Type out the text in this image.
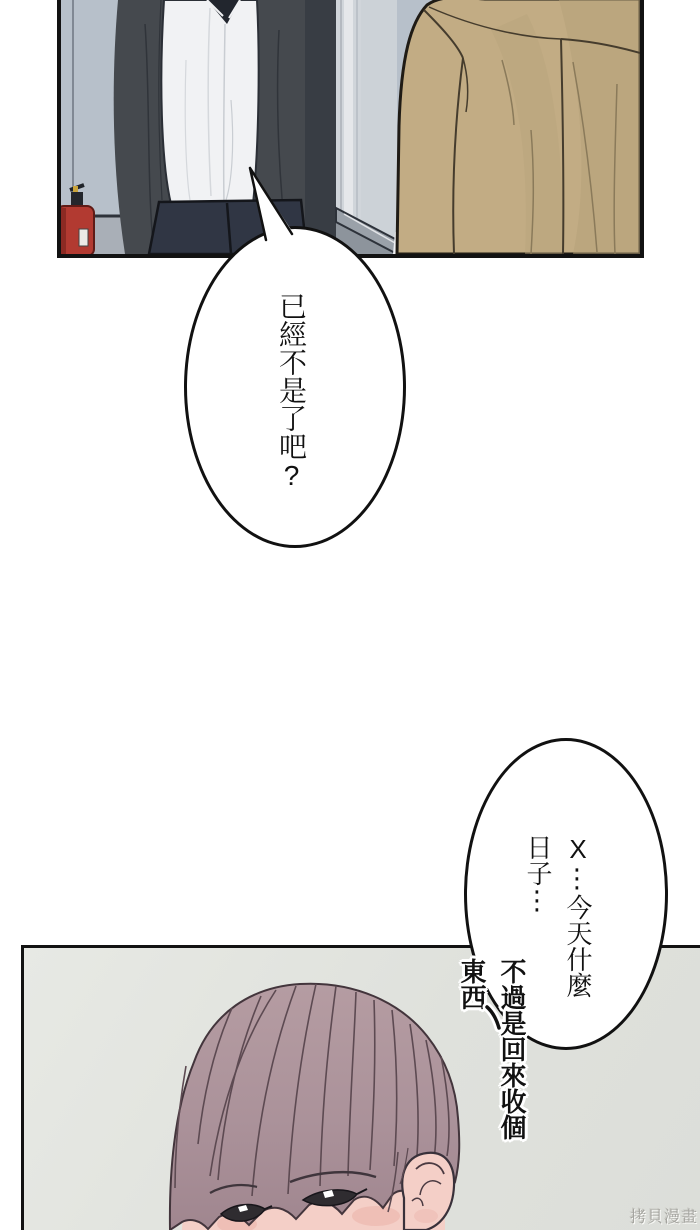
已經不是了吧?
X⋮今天什麼
日子⋮
不過是回來收個
東西
拷貝漫畫
